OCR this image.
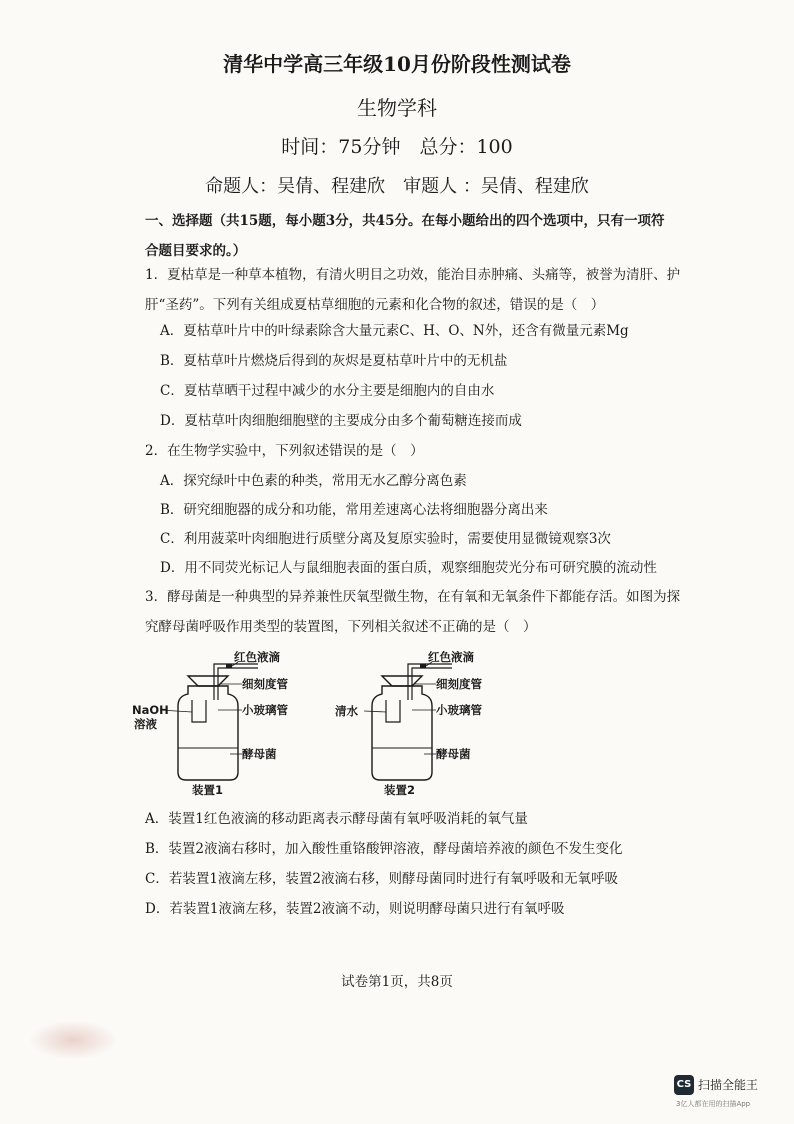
清华中学高三年级10月份阶段性测试卷
生物学科
时间：75分钟　总分：100
命题人：吴倩、程建欣　审题人 ：吴倩、程建欣
一、选择题（共15题，每小题3分，共45分。在每小题给出的四个选项中，只有一项符
合题目要求的。）
1．夏枯草是一种草本植物，有清火明目之功效，能治目赤肿痛、头痛等，被誉为清肝、护
肝“圣药”。下列有关组成夏枯草细胞的元素和化合物的叙述，错误的是（　）
A．夏枯草叶片中的叶绿素除含大量元素C、H、O、N外，还含有微量元素Mg
B．夏枯草叶片燃烧后得到的灰烬是夏枯草叶片中的无机盐
C．夏枯草晒干过程中减少的水分主要是细胞内的自由水
D．夏枯草叶肉细胞细胞壁的主要成分由多个葡萄糖连接而成
2．在生物学实验中，下列叙述错误的是（　）
A．探究绿叶中色素的种类，常用无水乙醇分离色素
B．研究细胞器的成分和功能，常用差速离心法将细胞器分离出来
C．利用菠菜叶肉细胞进行质壁分离及复原实验时，需要使用显微镜观察3次
D．用不同荧光标记人与鼠细胞表面的蛋白质，观察细胞荧光分布可研究膜的流动性
3．酵母菌是一种典型的异养兼性厌氧型微生物，在有氧和无氧条件下都能存活。如图为探
究酵母菌呼吸作用类型的装置图，下列相关叙述不正确的是（　）
红色液滴
细刻度管
NaOH
溶液
小玻璃管
酵母菌
装置1
红色液滴
细刻度管
清水	小玻璃管
酵母菌
装置2
A．装置1红色液滴的移动距离表示酵母菌有氧呼吸消耗的氧气量
B．装置2液滴右移时，加入酸性重铬酸钾溶液，酵母菌培养液的颜色不发生变化
C．若装置1液滴左移，装置2液滴右移，则酵母菌同时进行有氧呼吸和无氧呼吸
D．若装置1液滴左移，装置2液滴不动，则说明酵母菌只进行有氧呼吸
试卷第1页，共8页
CS 扫描全能王
3亿人都在用的扫描App
